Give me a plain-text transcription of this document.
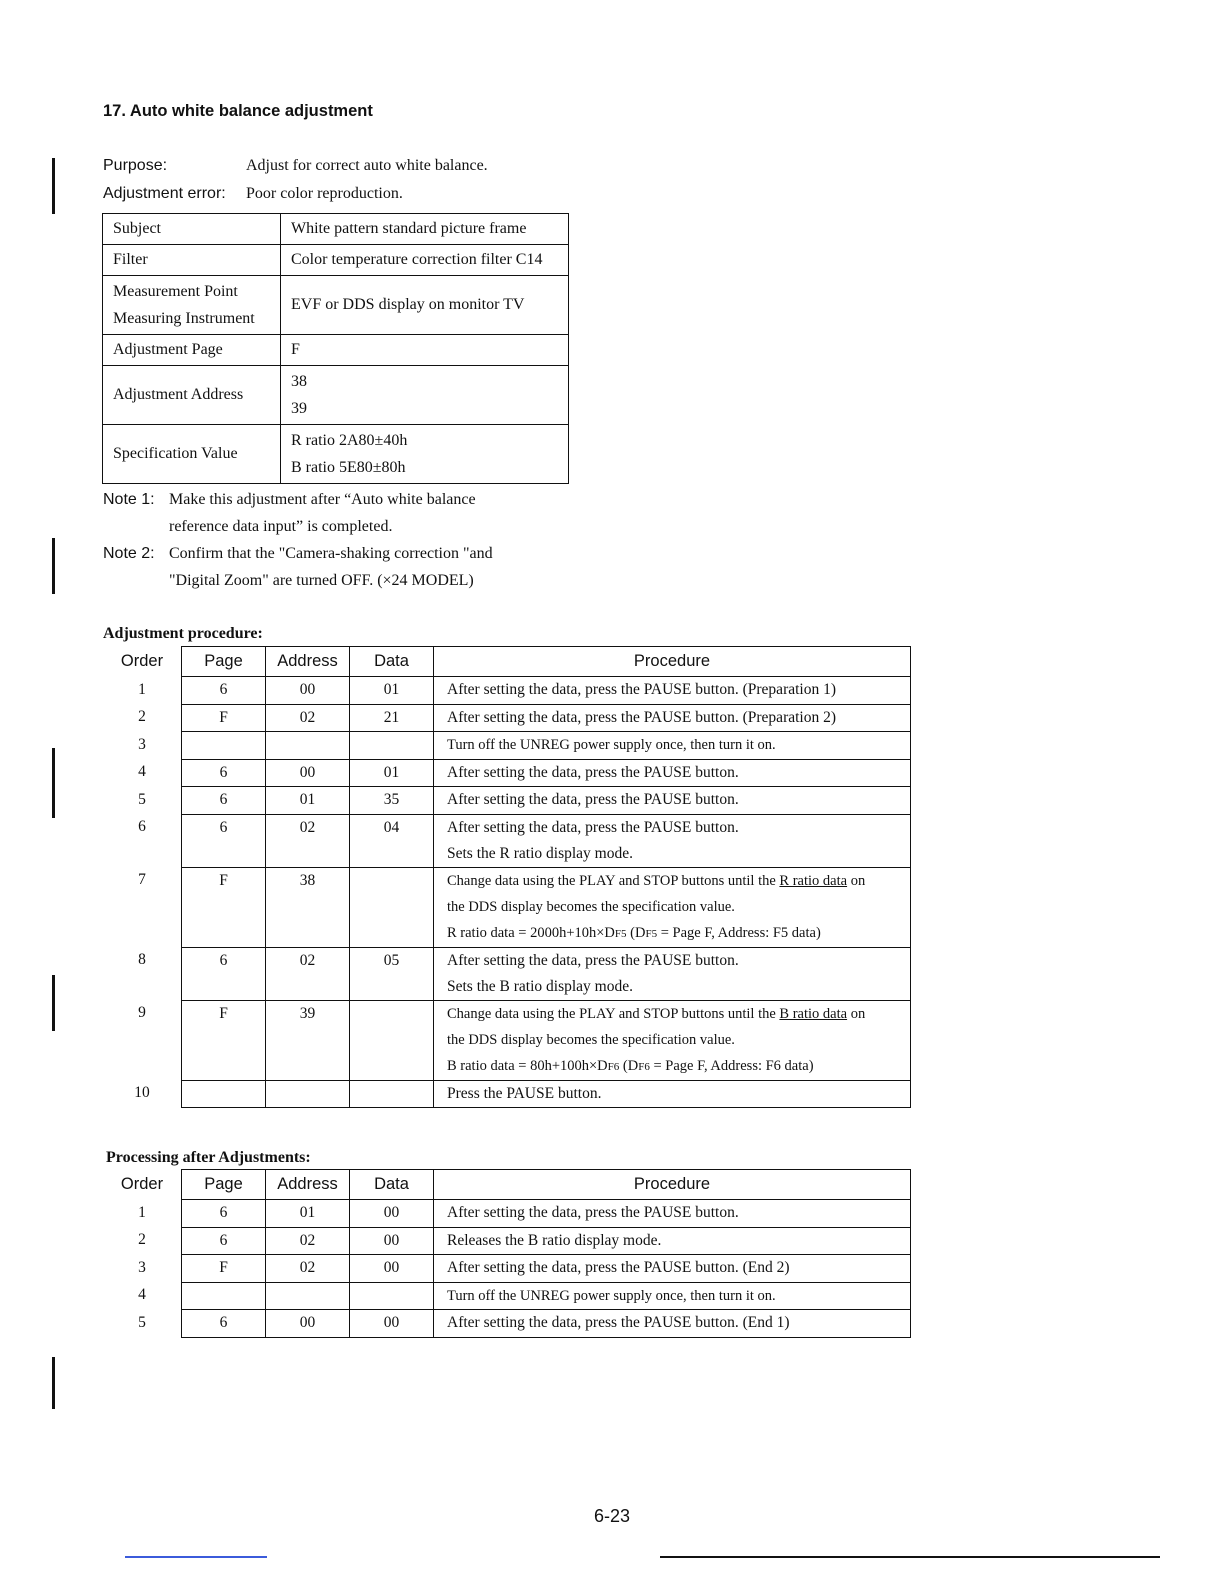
17. Auto white balance adjustment
Purpose:	Adjust for correct auto white balance.
Adjustment error:	Poor color reproduction.
Subject	White pattern standard picture frame
Filter	Color temperature correction filter C14

Measurement Point
Measuring Instrument	EVF or DDS display on monitor TV
Adjustment Page	F
Adjustment Address	38
39

Specification Value	R ratio 2A80±40h
B ratio 5E80±80h
Note 1: Make this adjustment after “Auto white balance
reference data input” is completed.
Note 2: Confirm that the "Camera-shaking correction "and
"Digital Zoom" are turned OFF. (×24 MODEL)
Adjustment procedure:
Order	Page	Address	Data	Procedure
1	6	00	01	After setting the data, press the PAUSE button. (Preparation 1)
2	F	02	21	After setting the data, press the PAUSE button. (Preparation 2)
3				Turn off the UNREG power supply once, then turn it on.
4	6	00	01	After setting the data, press the PAUSE button.
5	6	01	35	After setting the data, press the PAUSE button.
6	6	02	04	After setting the data, press the PAUSE button.
Sets the R ratio display mode.

7	F	38		Change data using the PLAY and STOP buttons until the R ratio data on
the DDS display becomes the specification value.
R ratio data = 2000h+10h×DF5 (DF5 = Page F, Address: F5 data)

8	6	02	05	After setting the data, press the PAUSE button.
Sets the B ratio display mode.

9	F	39		Change data using the PLAY and STOP buttons until the B ratio data on
the DDS display becomes the specification value.
B ratio data = 80h+100h×DF6 (DF6 = Page F, Address: F6 data)

10				Press the PAUSE button.
Processing after Adjustments:
Order	Page	Address	Data	Procedure
1	6	01	00	After setting the data, press the PAUSE button.
2	6	02	00	Releases the B ratio display mode.
3	F	02	00	After setting the data, press the PAUSE button. (End 2)
4				Turn off the UNREG power supply once, then turn it on.
5	6	00	00	After setting the data, press the PAUSE button. (End 1)
6-23
